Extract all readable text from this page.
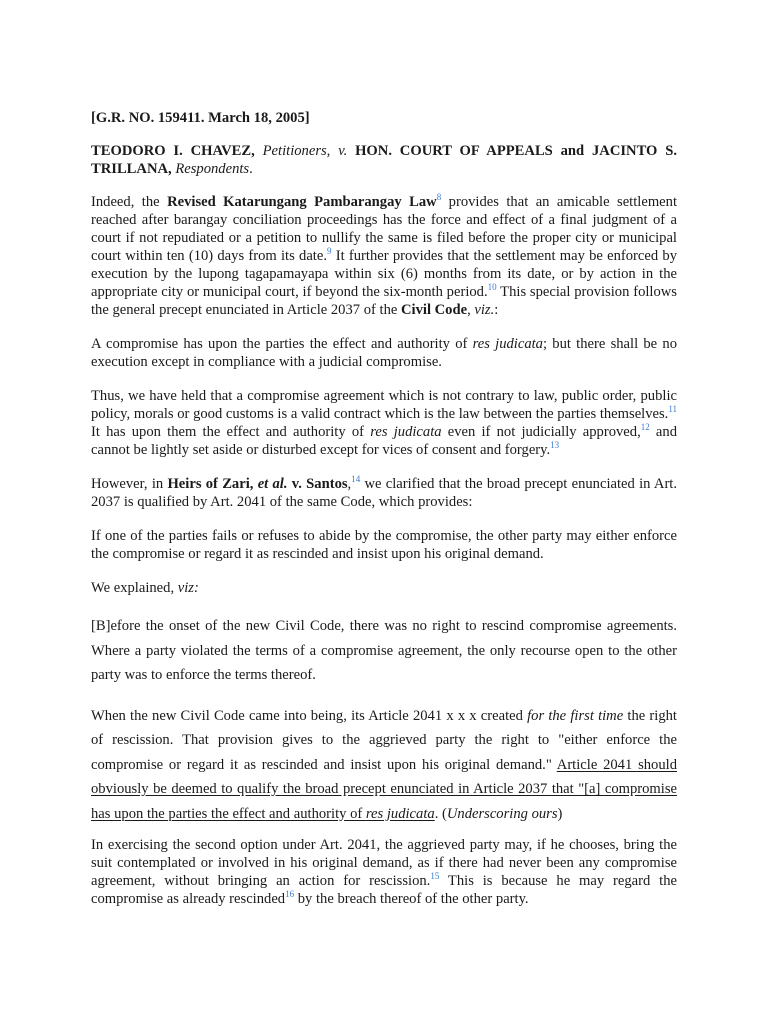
[G.R. NO. 159411. March 18, 2005]

TEODORO I. CHAVEZ, Petitioners, v. HON. COURT OF APPEALS and JACINTO S. TRILLANA, Respondents.

Indeed, the Revised Katarungang Pambarangay Law$^8$ provides that an amicable settlement reached after barangay conciliation proceedings has the force and effect of a final judgment of a court if not repudiated or a petition to nullify the same is filed before the proper city or municipal court within ten (10) days from its date.$^9$ It further provides that the settlement may be enforced by execution by the lupong tagapamayapa within six (6) months from its date, or by action in the appropriate city or municipal court, if beyond the six-month period.$^{10}$ This special provision follows the general precept enunciated in Article 2037 of the Civil Code, viz.:

A compromise has upon the parties the effect and authority of res judicata; but there shall be no execution except in compliance with a judicial compromise.

Thus, we have held that a compromise agreement which is not contrary to law, public order, public policy, morals or good customs is a valid contract which is the law between the parties themselves.$^{11}$ It has upon them the effect and authority of res judicata even if not judicially approved,$^{12}$ and cannot be lightly set aside or disturbed except for vices of consent and forgery.$^{13}$

However, in Heirs of Zari, et al. v. Santos,$^{14}$ we clarified that the broad precept enunciated in Art. 2037 is qualified by Art. 2041 of the same Code, which provides:

If one of the parties fails or refuses to abide by the compromise, the other party may either enforce the compromise or regard it as rescinded and insist upon his original demand.

We explained, viz:

[B]efore the onset of the new Civil Code, there was no right to rescind compromise agreements. Where a party violated the terms of a compromise agreement, the only recourse open to the other party was to enforce the terms thereof.

When the new Civil Code came into being, its Article 2041 x x x created for the first time the right of rescission. That provision gives to the aggrieved party the right to "either enforce the compromise or regard it as rescinded and insist upon his original demand." Article 2041 should obviously be deemed to qualify the broad precept enunciated in Article 2037 that "[a] compromise has upon the parties the effect and authority of res judicata. (Underscoring ours)

In exercising the second option under Art. 2041, the aggrieved party may, if he chooses, bring the suit contemplated or involved in his original demand, as if there had never been any compromise agreement, without bringing an action for rescission.$^{15}$ This is because he may regard the compromise as already rescinded$^{16}$ by the breach thereof of the other party.
